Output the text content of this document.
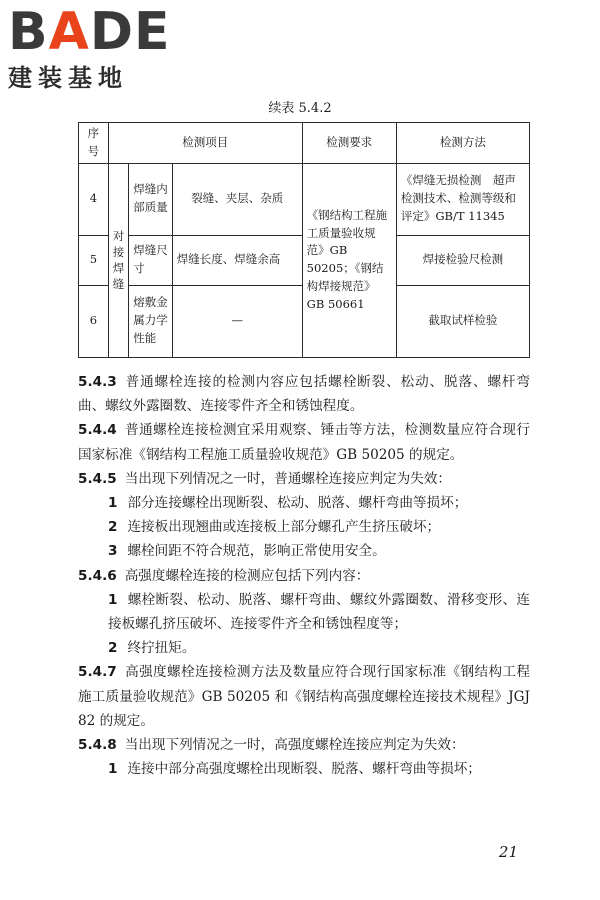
BADE
建装基地
续表 5.4.2
序号	检测项目			检测要求	检测方法
4	对接焊缝	焊缝内部质量	裂缝、夹层、杂质	《钢结构工程施工质量验收规范》GB 50205；《钢结构焊接规范》GB 50661	《焊缝无损检测　超声检测技术、检测等级和评定》GB/T 11345
5		焊缝尺寸	焊缝长度、焊缝余高		焊接检验尺检测
6		熔敷金属力学性能	—		截取试样检验

5.4.3 普通螺栓连接的检测内容应包括螺栓断裂、松动、脱落、螺杆弯曲、螺纹外露圈数、连接零件齐全和锈蚀程度。

5.4.4 普通螺栓连接检测宜采用观察、锤击等方法，检测数量应符合现行国家标准《钢结构工程施工质量验收规范》GB 50205 的规定。

5.4.5 当出现下列情况之一时，普通螺栓连接应判定为失效：

1 部分连接螺栓出现断裂、松动、脱落、螺杆弯曲等损坏；

2 连接板出现翘曲或连接板上部分螺孔产生挤压破坏；

3 螺栓间距不符合规范，影响正常使用安全。

5.4.6 高强度螺栓连接的检测应包括下列内容：

1 螺栓断裂、松动、脱落、螺杆弯曲、螺纹外露圈数、滑移变形、连接板螺孔挤压破坏、连接零件齐全和锈蚀程度等；

2 终拧扭矩。

5.4.7 高强度螺栓连接检测方法及数量应符合现行国家标准《钢结构工程施工质量验收规范》GB 50205 和《钢结构高强度螺栓连接技术规程》JGJ 82 的规定。

5.4.8 当出现下列情况之一时，高强度螺栓连接应判定为失效：

1 连接中部分高强度螺栓出现断裂、脱落、螺杆弯曲等损坏；

21
